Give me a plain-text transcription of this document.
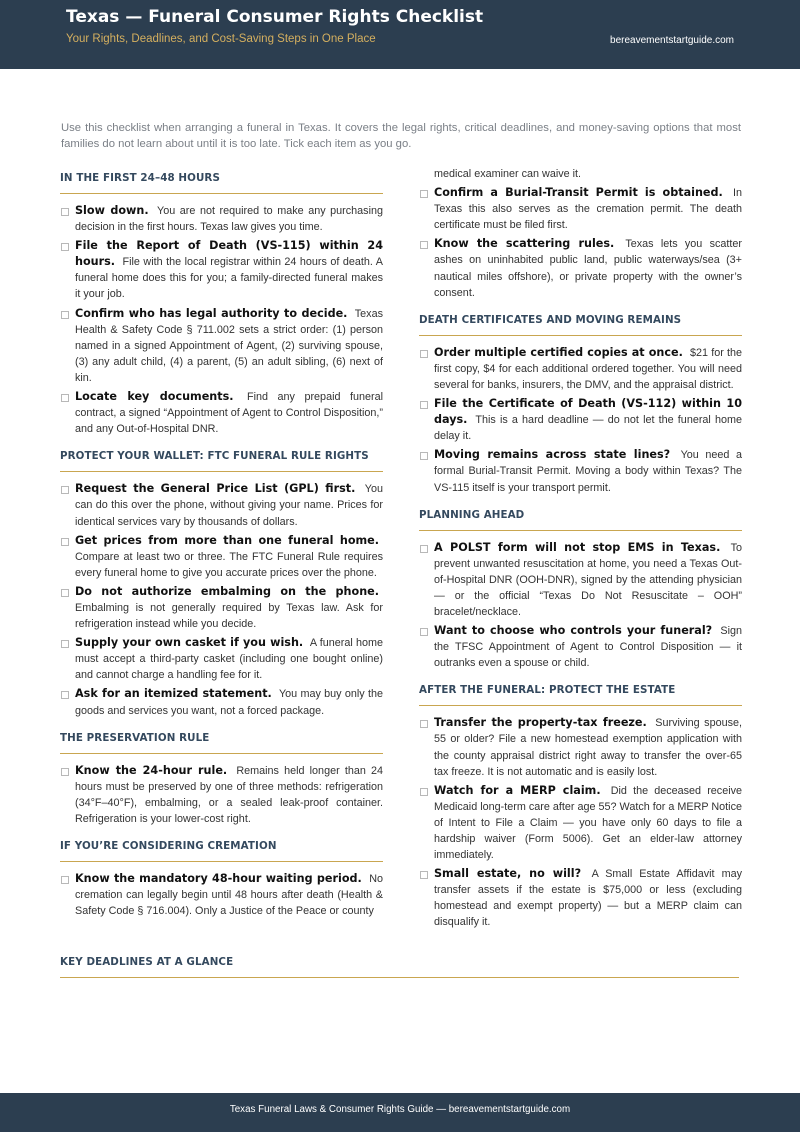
Texas — Funeral Consumer Rights Checklist
Your Rights, Deadlines, and Cost-Saving Steps in One Place	bereavementstartguide.com

Use this checklist when arranging a funeral in Texas. It covers the legal rights, critical deadlines, and money-saving options that most families do not learn about until it is too late. Tick each item as you go.

IN THE FIRST 24–48 HOURS
Slow down. You are not required to make any purchasing decision in the first hours. Texas law gives you time.
File the Report of Death (VS-115) within 24 hours. File with the local registrar within 24 hours of death. A funeral home does this for you; a family-directed funeral makes it your job.
Confirm who has legal authority to decide. Texas Health & Safety Code § 711.002 sets a strict order: (1) person named in a signed Appointment of Agent, (2) surviving spouse, (3) any adult child, (4) a parent, (5) an adult sibling, (6) next of kin.
Locate key documents. Find any prepaid funeral contract, a signed “Appointment of Agent to Control Disposition,” and any Out-of-Hospital DNR.
PROTECT YOUR WALLET: FTC FUNERAL RULE RIGHTS
Request the General Price List (GPL) first. You can do this over the phone, without giving your name. Prices for identical services vary by thousands of dollars.
Get prices from more than one funeral home. Compare at least two or three. The FTC Funeral Rule requires every funeral home to give you accurate prices over the phone.
Do not authorize embalming on the phone. Embalming is not generally required by Texas law. Ask for refrigeration instead while you decide.
Supply your own casket if you wish. A funeral home must accept a third-party casket (including one bought online) and cannot charge a handling fee for it.
Ask for an itemized statement. You may buy only the goods and services you want, not a forced package.
THE PRESERVATION RULE
Know the 24-hour rule. Remains held longer than 24 hours must be preserved by one of three methods: refrigeration (34°F–40°F), embalming, or a sealed leak-proof container. Refrigeration is your lower-cost right.
IF YOU’RE CONSIDERING CREMATION
Know the mandatory 48-hour waiting period. No cremation can legally begin until 48 hours after death (Health & Safety Code § 716.004). Only a Justice of the Peace or county
medical examiner can waive it.
Confirm a Burial-Transit Permit is obtained. In Texas this also serves as the cremation permit. The death certificate must be filed first.
Know the scattering rules. Texas lets you scatter ashes on uninhabited public land, public waterways/sea (3+ nautical miles offshore), or private property with the owner’s consent.
DEATH CERTIFICATES AND MOVING REMAINS
Order multiple certified copies at once. $21 for the first copy, $4 for each additional ordered together. You will need several for banks, insurers, the DMV, and the appraisal district.
File the Certificate of Death (VS-112) within 10 days. This is a hard deadline — do not let the funeral home delay it.
Moving remains across state lines? You need a formal Burial-Transit Permit. Moving a body within Texas? The VS-115 itself is your transport permit.
PLANNING AHEAD
A POLST form will not stop EMS in Texas. To prevent unwanted resuscitation at home, you need a Texas Out-of-Hospital DNR (OOH-DNR), signed by the attending physician — or the official “Texas Do Not Resuscitate – OOH” bracelet/necklace.
Want to choose who controls your funeral? Sign the TFSC Appointment of Agent to Control Disposition — it outranks even a spouse or child.
AFTER THE FUNERAL: PROTECT THE ESTATE
Transfer the property-tax freeze. Surviving spouse, 55 or older? File a new homestead exemption application with the county appraisal district right away to transfer the over-65 tax freeze. It is not automatic and is easily lost.
Watch for a MERP claim. Did the deceased receive Medicaid long-term care after age 55? Watch for a MERP Notice of Intent to File a Claim — you have only 60 days to file a hardship waiver (Form 5006). Get an elder-law attorney immediately.
Small estate, no will? A Small Estate Affidavit may transfer assets if the estate is $75,000 or less (excluding homestead and exempt property) — but a MERP claim can disqualify it.
KEY DEADLINES AT A GLANCE
Texas Funeral Laws & Consumer Rights Guide — bereavementstartguide.com
